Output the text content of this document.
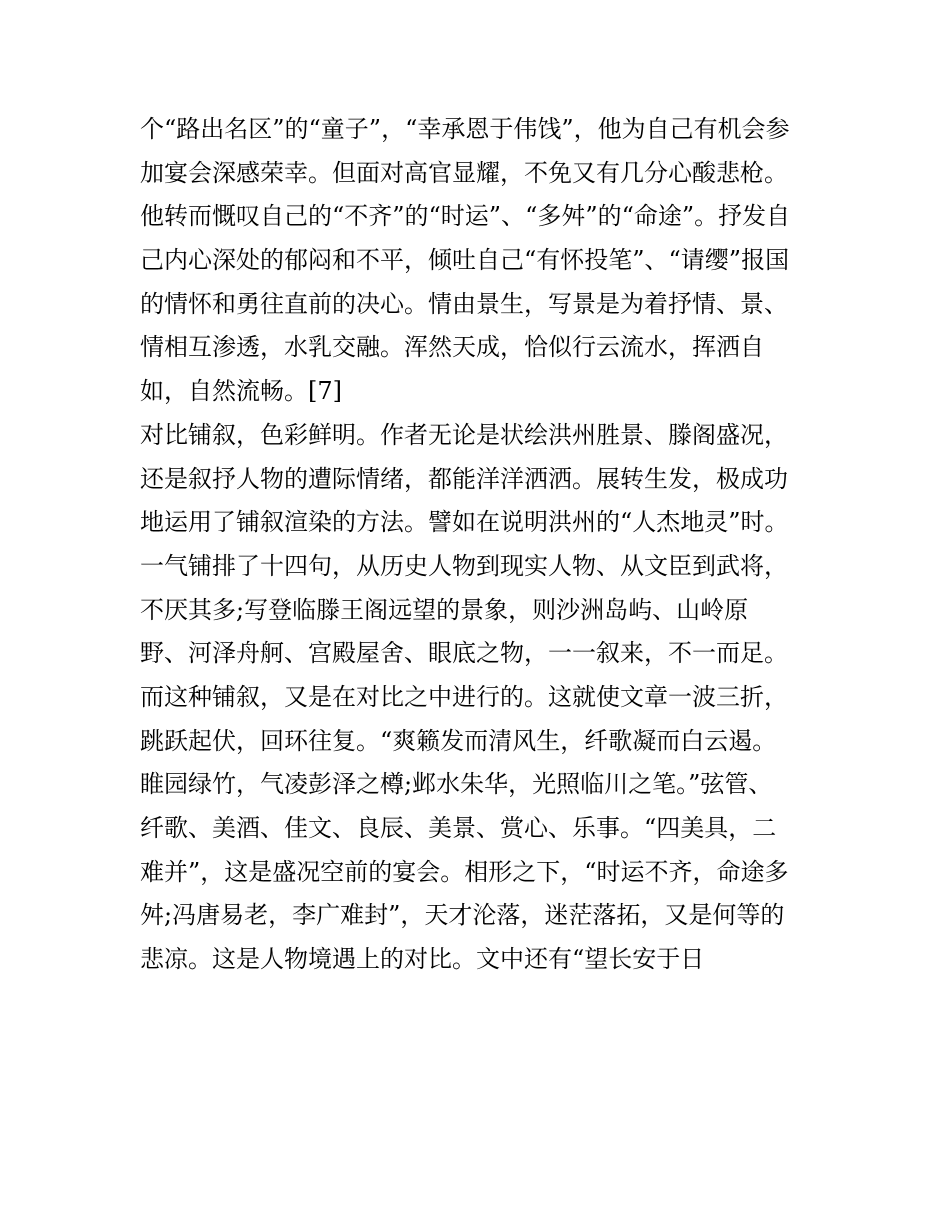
个“路出名区”的“童子”，“幸承恩于伟饯”，他为自己有机会参
加宴会深感荣幸。但面对高官显耀，不免又有几分心酸悲枪。
他转而慨叹自己的“不齐”的“时运”、“多舛”的“命途”。抒发自
己内心深处的郁闷和不平，倾吐自己“有怀投笔”、“请缨”报国
的情怀和勇往直前的决心。情由景生，写景是为着抒情、景、
情相互渗透，水乳交融。浑然天成，恰似行云流水，挥洒自
如，自然流畅。[7]
对比铺叙，色彩鲜明。作者无论是状绘洪州胜景、滕阁盛况，
还是叙抒人物的遭际情绪，都能洋洋洒洒。展转生发，极成功
地运用了铺叙渲染的方法。譬如在说明洪州的“人杰地灵”时。
一气铺排了十四句，从历史人物到现实人物、从文臣到武将，
不厌其多;写登临滕王阁远望的景象，则沙洲岛屿、山岭原
野、河泽舟舸、宫殿屋舍、眼底之物，一一叙来，不一而足。
而这种铺叙，又是在对比之中进行的。这就使文章一波三折，
跳跃起伏，回环往复。“爽籁发而清风生，纤歌凝而白云遏。
睢园绿竹，气凌彭泽之樽;邺水朱华，光照临川之笔。”弦管、
纤歌、美酒、佳文、良辰、美景、赏心、乐事。“四美具，二
难并”，这是盛况空前的宴会。相形之下，“时运不齐，命途多
舛;冯唐易老，李广难封”，天才沦落，迷茫落拓，又是何等的
悲凉。这是人物境遇上的对比。文中还有“望长安于日
